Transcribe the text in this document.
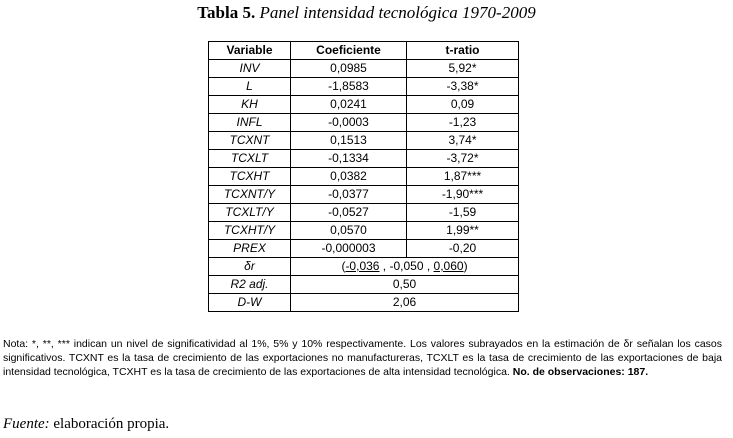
Tabla 5. Panel intensidad tecnológica 1970-2009
Variable	Coeficiente	t-ratio
INV	0,0985	5,92*
L	-1,8583	-3,38*
KH	0,0241	0,09
INFL	-0,0003	-1,23
TCXNT	0,1513	3,74*
TCXLT	-0,1334	-3,72*
TCXHT	0,0382	1,87***
TCXNT/Y	-0,0377	-1,90***
TCXLT/Y	-0,0527	-1,59
TCXHT/Y	0,0570	1,99**
PREX	-0,000003	-0,20
δr	(-0,036 , -0,050 , 0,060)	
R2 adj.	0,50	
D-W	2,06	
Nota: *, **, *** indican un nivel de significatividad al 1%, 5% y 10% respectivamente. Los valores subrayados en la estimación de δr señalan los casos significativos. TCXNT es la tasa de crecimiento de las exportaciones no manufactureras, TCXLT es la tasa de crecimiento de las exportaciones de baja intensidad tecnológica, TCXHT es la tasa de crecimiento de las exportaciones de alta intensidad tecnológica. No. de observaciones: 187.
Fuente: elaboración propia.
